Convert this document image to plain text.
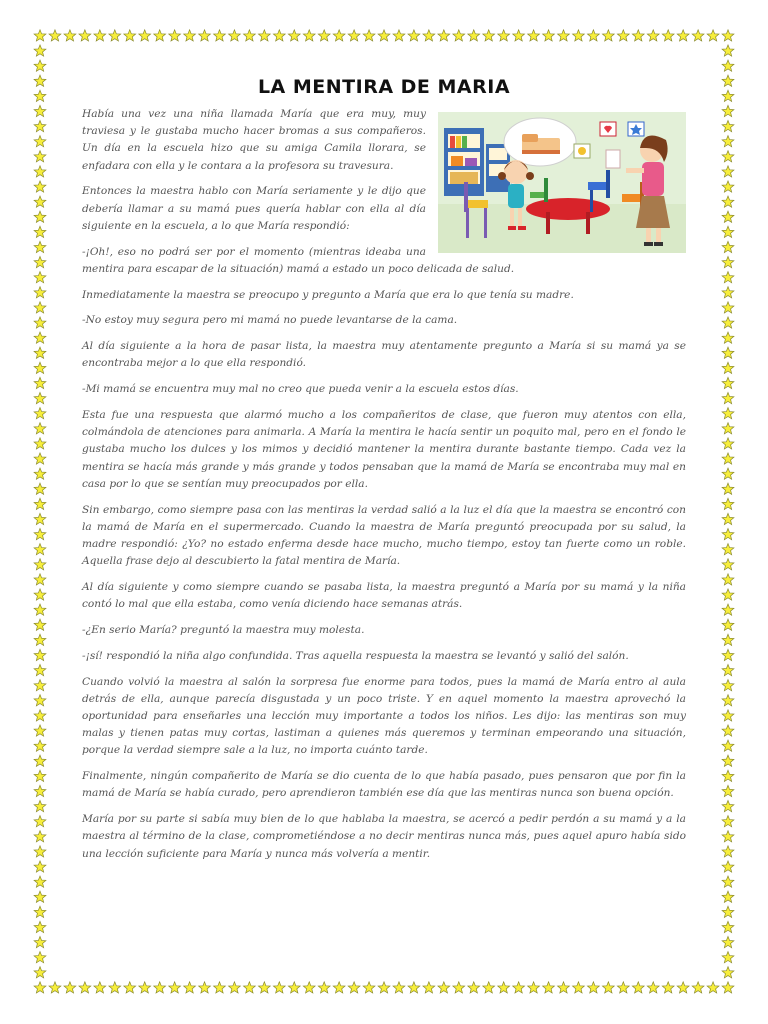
LA MENTIRA DE MARIA

Había una vez una niña llamada María que era muy, muy traviesa y le gustaba mucho hacer bromas a sus compañeros. Un día en la escuela hizo que su amiga Camila llorara, se enfadara con ella y le contara a la profesora su travesura.

Entonces la maestra hablo con María seriamente y le dijo que debería llamar a su mamá pues quería hablar con ella al día siguiente en la escuela, a lo que María respondió:

-¡Oh!, eso no podrá ser por el momento (mientras ideaba una mentira para escapar de la situación) mamá a estado un poco delicada de salud.

Inmediatamente la maestra se preocupo y pregunto a María que era lo que tenía su madre.

-No estoy muy segura pero mi mamá no puede levantarse de la cama.

Al día siguiente a la hora de pasar lista, la maestra muy atentamente pregunto a María si su mamá ya se encontraba mejor a lo que ella respondió.

-Mi mamá se encuentra muy mal no creo que pueda venir a la escuela estos días.

Esta fue una respuesta que alarmó mucho a los compañeritos de clase, que fueron muy atentos con ella, colmándola de atenciones para animarla. A María la mentira le hacía sentir un poquito mal, pero en el fondo le gustaba mucho los dulces y los mimos y decidió mantener la mentira durante bastante tiempo. Cada vez la mentira se hacía más grande y más grande y todos pensaban que la mamá de María se encontraba muy mal en casa por lo que se sentían muy preocupados por ella.

Sin embargo, como siempre pasa con las mentiras la verdad salió a la luz el día que la maestra se encontró con la mamá de María en el supermercado. Cuando la maestra de María preguntó preocupada por su salud, la madre respondió: ¿Yo? no estado enferma desde hace mucho, mucho tiempo, estoy tan fuerte como un roble. Aquella frase dejo al descubierto la fatal mentira de María.

Al día siguiente y como siempre cuando se pasaba lista, la maestra preguntó a María por su mamá y la niña contó lo mal que ella estaba, como venía diciendo hace semanas atrás.

-¿En serio María? preguntó la maestra muy molesta.

-¡sí! respondió la niña algo confundida. Tras aquella respuesta la maestra se levantó y salió del salón.

Cuando volvió la maestra al salón la sorpresa fue enorme para todos, pues la mamá de María entro al aula detrás de ella, aunque parecía disgustada y un poco triste. Y en aquel momento la maestra aprovechó la oportunidad para enseñarles una lección muy importante a todos los niños. Les dijo: las mentiras son muy malas y tienen patas muy cortas, lastiman a quienes más queremos y terminan empeorando una situación, porque la verdad siempre sale a la luz, no importa cuánto tarde.

Finalmente, ningún compañerito de María se dio cuenta de lo que había pasado, pues pensaron que por fin la mamá de María se había curado, pero aprendieron también ese día que las mentiras nunca son buena opción.

María por su parte si sabía muy bien de lo que hablaba la maestra, se acercó a pedir perdón a su mamá y a la maestra al término de la clase, comprometiéndose a no decir mentiras nunca más, pues aquel apuro había sido una lección suficiente para María y nunca más volvería a mentir.
